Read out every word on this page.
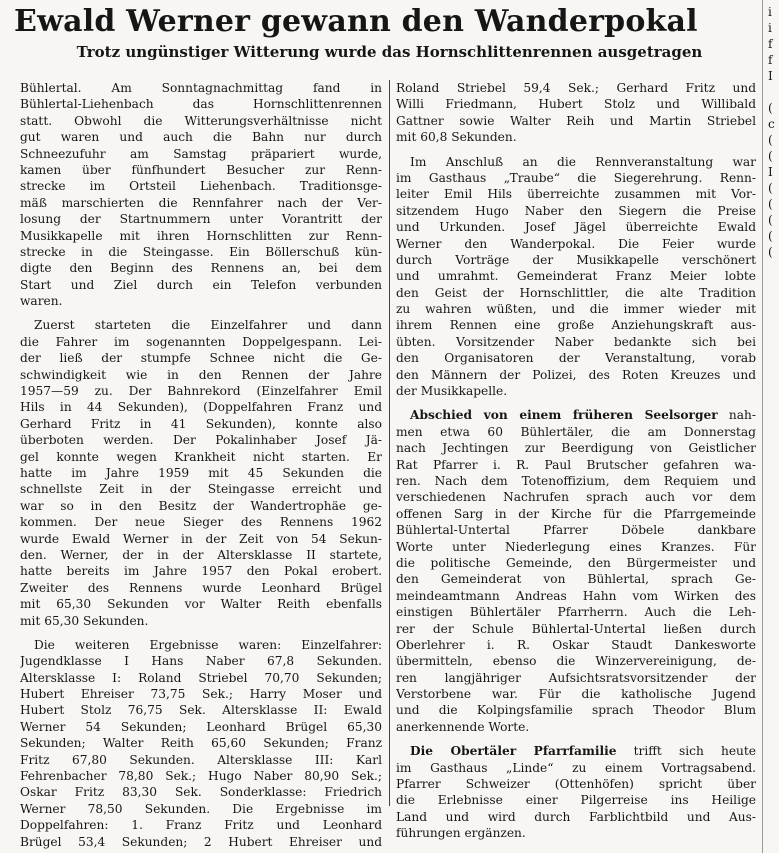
Ewald Werner gewann den Wanderpokal
Trotz ungünstiger Witterung wurde das Hornschlittenrennen ausgetragen
Bühlertal. Am Sonntagnachmittag fand in
Bühlertal-Liehenbach das Hornschlittenrennen
statt. Obwohl die Witterungsverhältnisse nicht
gut waren und auch die Bahn nur durch
Schneezufuhr am Samstag präpariert wurde,
kamen über fünfhundert Besucher zur Renn-
strecke im Ortsteil Liehenbach. Traditionsge-
mäß marschierten die Rennfahrer nach der Ver-
losung der Startnummern unter Vorantritt der
Musikkapelle mit ihren Hornschlitten zur Renn-
strecke in die Steingasse. Ein Böllerschuß kün-
digte den Beginn des Rennens an, bei dem
Start und Ziel durch ein Telefon verbunden
waren.
Zuerst starteten die Einzelfahrer und dann
die Fahrer im sogenannten Doppelgespann. Lei-
der ließ der stumpfe Schnee nicht die Ge-
schwindigkeit wie in den Rennen der Jahre
1957—59 zu. Der Bahnrekord (Einzelfahrer Emil
Hils in 44 Sekunden), (Doppelfahren Franz und
Gerhard Fritz in 41 Sekunden), konnte also
überboten werden. Der Pokalinhaber Josef Jä-
gel konnte wegen Krankheit nicht starten. Er
hatte im Jahre 1959 mit 45 Sekunden die
schnellste Zeit in der Steingasse erreicht und
war so in den Besitz der Wandertrophäe ge-
kommen. Der neue Sieger des Rennens 1962
wurde Ewald Werner in der Zeit von 54 Sekun-
den. Werner, der in der Altersklasse II startete,
hatte bereits im Jahre 1957 den Pokal erobert.
Zweiter des Rennens wurde Leonhard Brügel
mit 65,30 Sekunden vor Walter Reith ebenfalls
mit 65,30 Sekunden.
Die weiteren Ergebnisse waren: Einzelfahrer:
Jugendklasse I Hans Naber 67,8 Sekunden.
Altersklasse I: Roland Striebel 70,70 Sekunden;
Hubert Ehreiser 73,75 Sek.; Harry Moser und
Hubert Stolz 76,75 Sek. Altersklasse II: Ewald
Werner 54 Sekunden; Leonhard Brügel 65,30
Sekunden; Walter Reith 65,60 Sekunden; Franz
Fritz 67,80 Sekunden. Altersklasse III: Karl
Fehrenbacher 78,80 Sek.; Hugo Naber 80,90 Sek.;
Oskar Fritz 83,30 Sek. Sonderklasse: Friedrich
Werner 78,50 Sekunden. Die Ergebnisse im
Doppelfahren: 1. Franz Fritz und Leonhard
Brügel 53,4 Sekunden; 2 Hubert Ehreiser und
Roland Striebel 59,4 Sek.; Gerhard Fritz und
Willi Friedmann, Hubert Stolz und Willibald
Gattner sowie Walter Reih und Martin Striebel
mit 60,8 Sekunden.
Im Anschluß an die Rennveranstaltung war
im Gasthaus „Traube“ die Siegerehrung. Renn-
leiter Emil Hils überreichte zusammen mit Vor-
sitzendem Hugo Naber den Siegern die Preise
und Urkunden. Josef Jägel überreichte Ewald
Werner den Wanderpokal. Die Feier wurde
durch Vorträge der Musikkapelle verschönert
und umrahmt. Gemeinderat Franz Meier lobte
den Geist der Hornschlittler, die alte Tradition
zu wahren wüßten, und die immer wieder mit
ihrem Rennen eine große Anziehungskraft aus-
übten. Vorsitzender Naber bedankte sich bei
den Organisatoren der Veranstaltung, vorab
den Männern der Polizei, des Roten Kreuzes und
der Musikkapelle.
Abschied von einem früheren Seelsorger nah-
men etwa 60 Bühlertäler, die am Donnerstag
nach Jechtingen zur Beerdigung von Geistlicher
Rat Pfarrer i. R. Paul Brutscher gefahren wa-
ren. Nach dem Totenoffizium, dem Requiem und
verschiedenen Nachrufen sprach auch vor dem
offenen Sarg in der Kirche für die Pfarrgemeinde
Bühlertal-Untertal Pfarrer Döbele dankbare
Worte unter Niederlegung eines Kranzes. Für
die politische Gemeinde, den Bürgermeister und
den Gemeinderat von Bühlertal, sprach Ge-
meindeamtmann Andreas Hahn vom Wirken des
einstigen Bühlertäler Pfarrherrn. Auch die Leh-
rer der Schule Bühlertal-Untertal ließen durch
Oberlehrer i. R. Oskar Staudt Dankesworte
übermitteln, ebenso die Winzervereinigung, de-
ren langjähriger Aufsichtsratsvorsitzender der
Verstorbene war. Für die katholische Jugend
und die Kolpingsfamilie sprach Theodor Blum
anerkennende Worte.
Die Obertäler Pfarrfamilie trifft sich heute
im Gasthaus „Linde“ zu einem Vortragsabend.
Pfarrer Schweizer (Ottenhöfen) spricht über
die Erlebnisse einer Pilgerreise ins Heilige
Land und wird durch Farblichtbild und Aus-
führungen ergänzen.
i
i
f
f
I
(
c
(
(
I
(
(
(
(
(
